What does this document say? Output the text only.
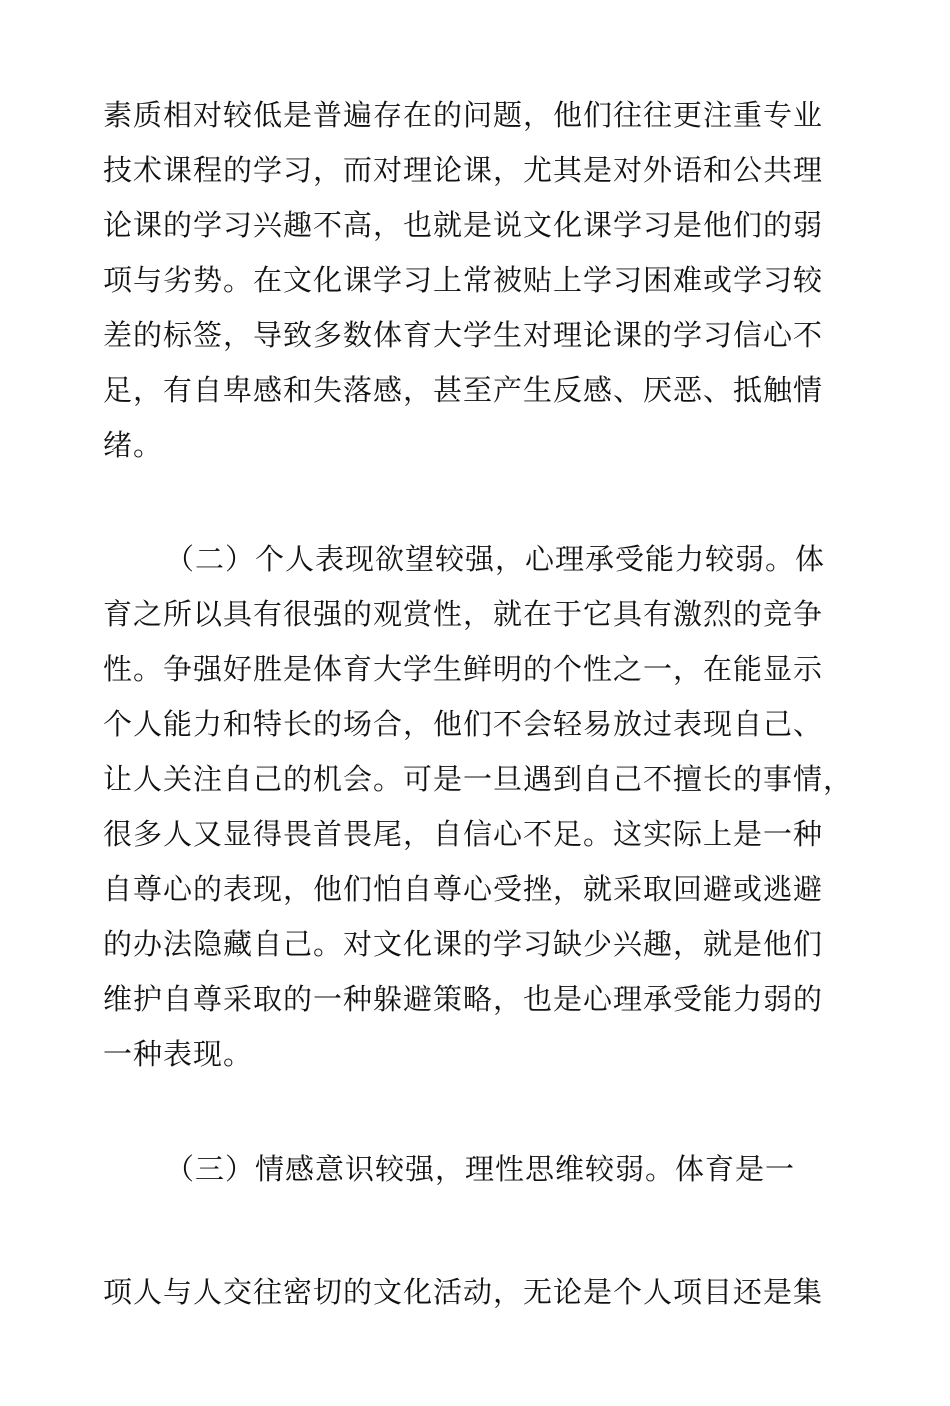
素质相对较低是普遍存在的问题，他们往往更注重专业
技术课程的学习，而对理论课，尤其是对外语和公共理
论课的学习兴趣不高，也就是说文化课学习是他们的弱
项与劣势。在文化课学习上常被贴上学习困难或学习较
差的标签，导致多数体育大学生对理论课的学习信心不
足，有自卑感和失落感，甚至产生反感、厌恶、抵触情
绪。
（二）个人表现欲望较强，心理承受能力较弱。体
育之所以具有很强的观赏性，就在于它具有激烈的竞争
性。争强好胜是体育大学生鲜明的个性之一，在能显示
个人能力和特长的场合，他们不会轻易放过表现自己、
让人关注自己的机会。可是一旦遇到自己不擅长的事情，
很多人又显得畏首畏尾，自信心不足。这实际上是一种
自尊心的表现，他们怕自尊心受挫，就采取回避或逃避
的办法隐藏自己。对文化课的学习缺少兴趣，就是他们
维护自尊采取的一种躲避策略，也是心理承受能力弱的
一种表现。
（三）情感意识较强，理性思维较弱。体育是一
项人与人交往密切的文化活动，无论是个人项目还是集
